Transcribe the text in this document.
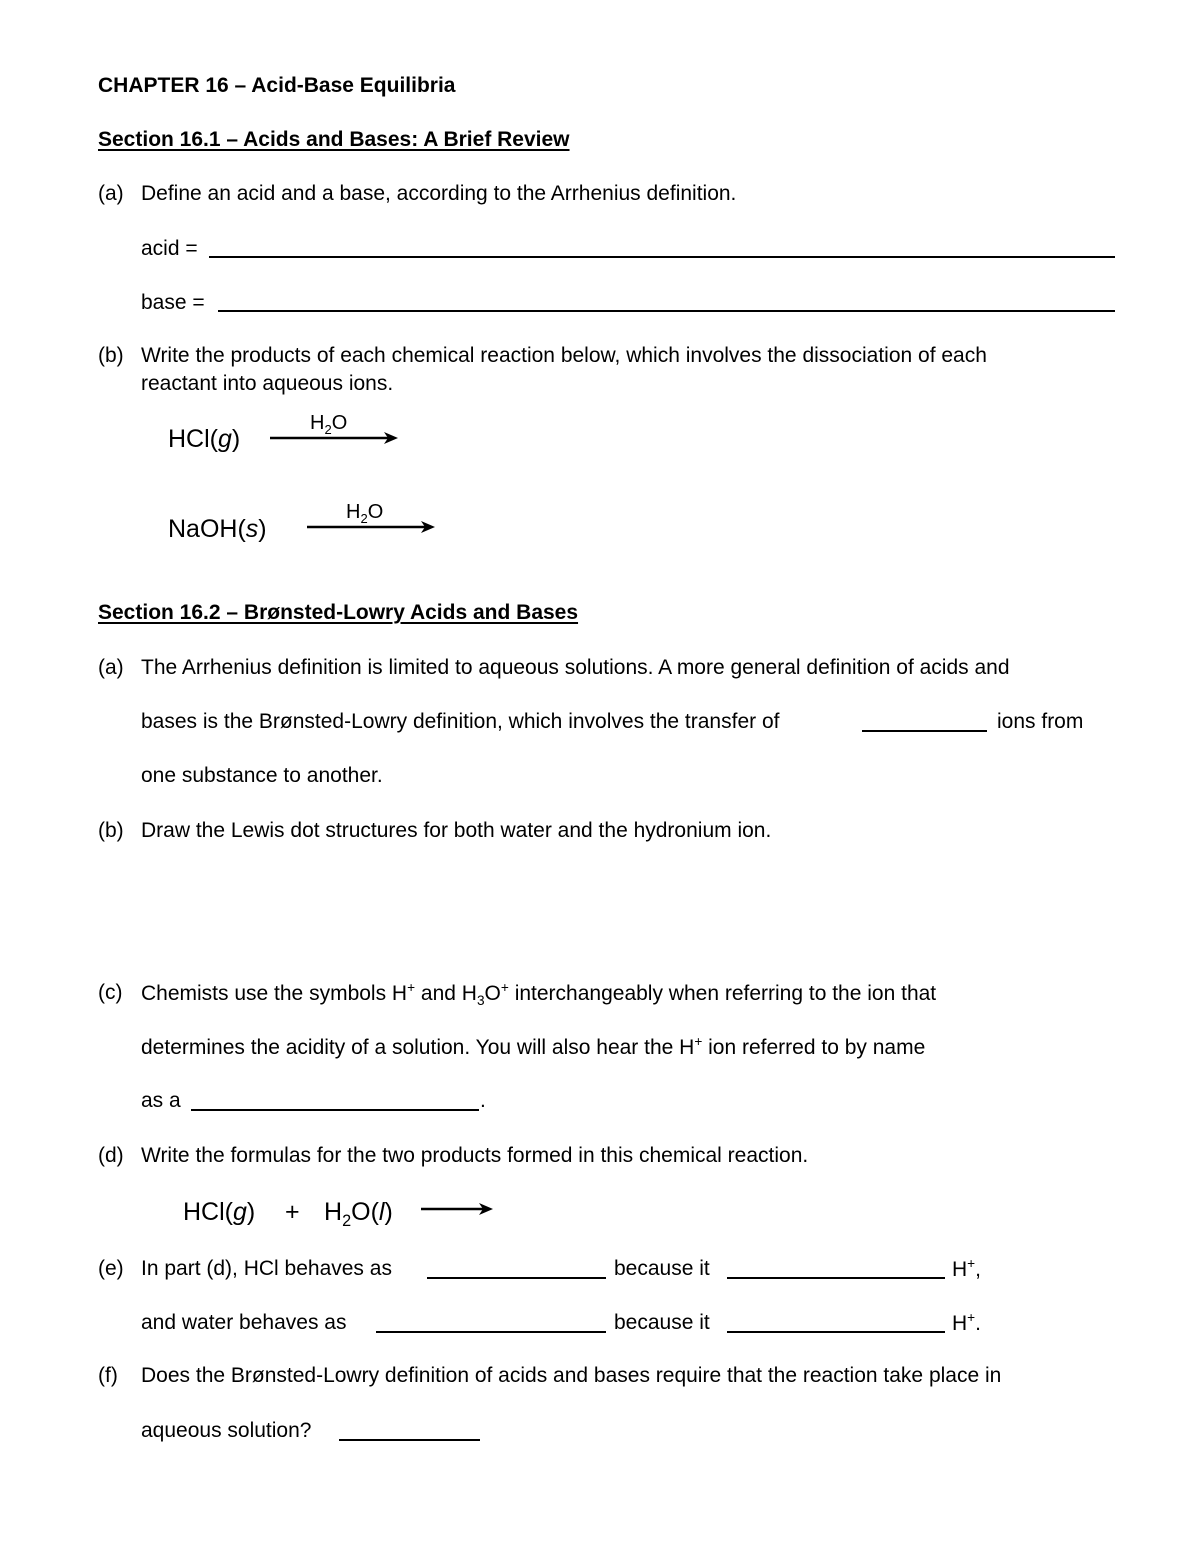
CHAPTER 16 – Acid-Base Equilibria
Section 16.1 – Acids and Bases: A Brief Review
(a) Define an acid and a base, according to the Arrhenius definition.
acid =
base =
(b) Write the products of each chemical reaction below, which involves the dissociation of each
reactant into aqueous ions.
HCl(g)
$H_2O$
NaOH(s)
$H_2O$
Section 16.2 – Brønsted-Lowry Acids and Bases
(a) The Arrhenius definition is limited to aqueous solutions. A more general definition of acids and
bases is the Brønsted-Lowry definition, which involves the transfer of	ions from
one substance to another.
(b) Draw the Lewis dot structures for both water and the hydronium ion.
(c) Chemists use the symbols H+ and $H_3O^+$ interchangeably when referring to the ion that
determines the acidity of a solution. You will also hear the H+ ion referred to by name
as a	.
(d) Write the formulas for the two products formed in this chemical reaction.
$HCl(g) + H_2O(l)$
(e) In part (d), HCl behaves as	because it	H+,
and water behaves as	because it	H+.
(f) Does the Brønsted-Lowry definition of acids and bases require that the reaction take place in
aqueous solution?
